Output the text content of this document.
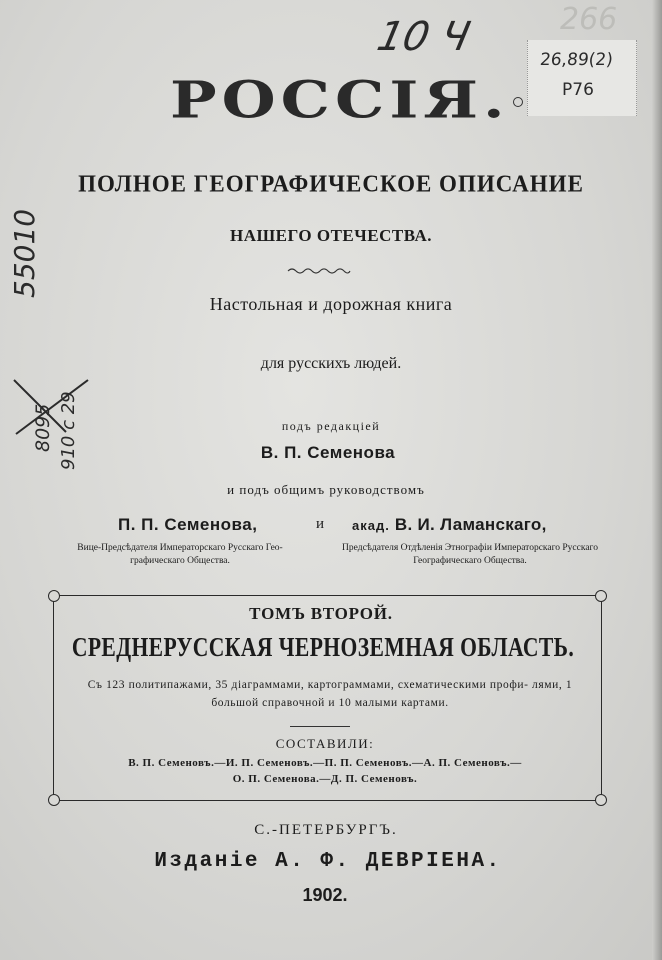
266
10 Ч	26,89(2)
Р76
55010
8095 910 с 29
РОССІЯ.
ПОЛНОЕ ГЕОГРАФИЧЕСКОЕ ОПИСАНИЕ
НАШЕГО ОТЕЧЕСТВА.
Настольная и дорожная книга
для русскихъ людей.
подъ редакціей
В. П. Семенова
и подъ общимъ руководствомъ
П. П. Семенова,	и акад. В. И. Ламанскаго,
Вице-Предсѣдателя Императорскаго Русскаго Гео- графическаго Общества.
Предсѣдателя Отдѣленія Этнографіи Императорскаго Русскаго Географическаго Общества.
ТОМЪ ВТОРОЙ.
СРЕДНЕРУССКАЯ ЧЕРНОЗЕМНАЯ ОБЛАСТЬ.
Съ 123 политипажами, 35 діаграммами, картограммами, схематическими профи- лями, 1 большой справочной и 10 малыми картами.
СОСТАВИЛИ:
В. П. Семеновъ.—И. П. Семеновъ.—П. П. Семеновъ.—А. П. Семеновъ.—
О. П. Семенова.—Д. П. Семеновъ.
С.-ПЕТЕРБУРГЪ.
Изданіе А. Ф. ДЕВРІЕНА.
1902.
